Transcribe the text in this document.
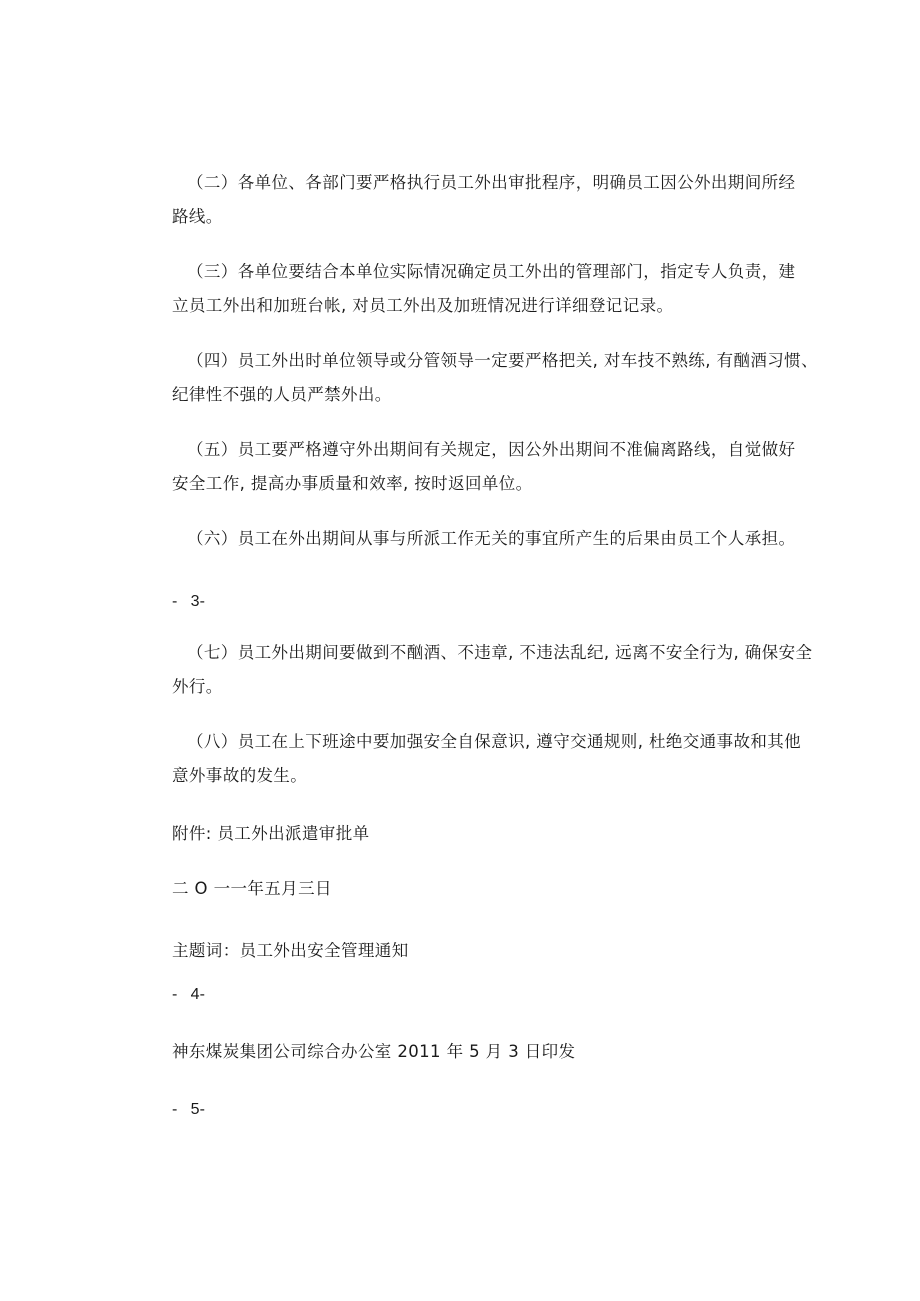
（二）各单位、各部门要严格执行员工外出审批程序，明确员工因公外出期间所经
路线。
（三）各单位要结合本单位实际情况确定员工外出的管理部门，指定专人负责，建
立员工外出和加班台帐, 对员工外出及加班情况进行详细登记记录。
（四）员工外出时单位领导或分管领导一定要严格把关, 对车技不熟练, 有酗酒习惯、
纪律性不强的人员严禁外出。
（五）员工要严格遵守外出期间有关规定，因公外出期间不准偏离路线，自觉做好
安全工作, 提高办事质量和效率, 按时返回单位。
（六）员工在外出期间从事与所派工作无关的事宜所产生的后果由员工个人承担。
-   3-
（七）员工外出期间要做到不酗酒、不违章, 不违法乱纪, 远离不安全行为, 确保安全
外行。
（八）员工在上下班途中要加强安全自保意识, 遵守交通规则, 杜绝交通事故和其他
意外事故的发生。
附件: 员工外出派遣审批单
二 O 一一年五月三日
主题词：员工外出安全管理通知
-   4-
神东煤炭集团公司综合办公室 2011 年 5 月 3 日印发
-   5-
